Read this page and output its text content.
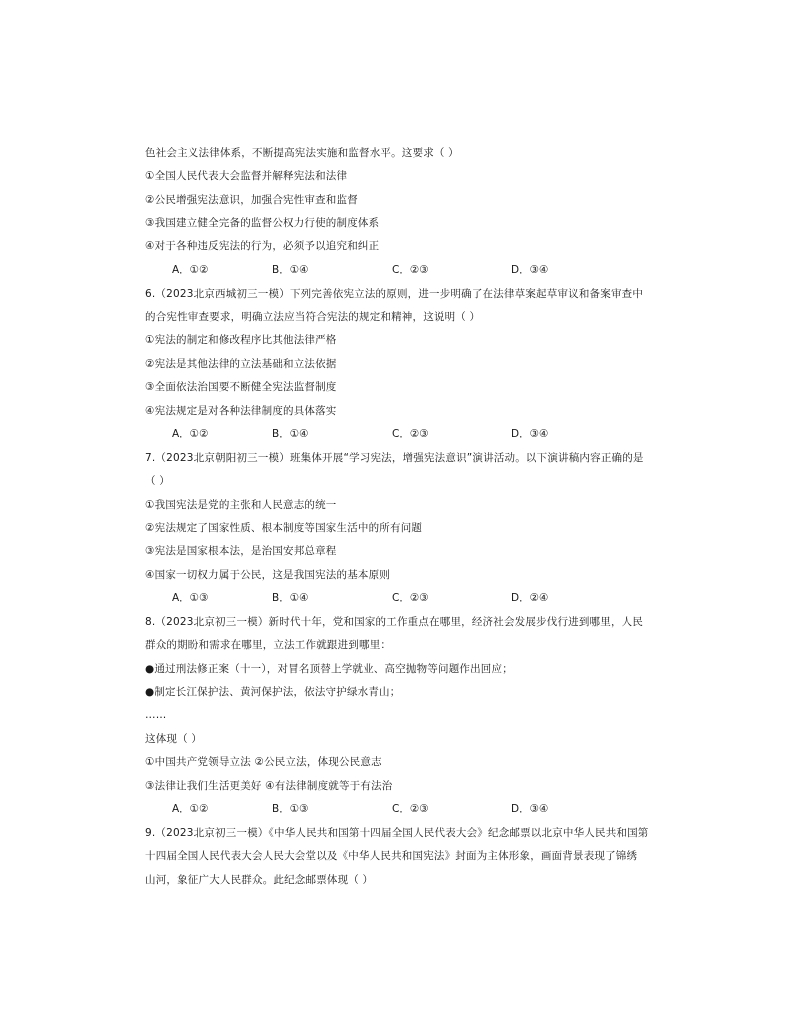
色社会主义法律体系，不断提高宪法实施和监督水平。这要求（ ）
①全国人民代表大会监督并解释宪法和法律
②公民增强宪法意识，加强合宪性审查和监督
③我国建立健全完备的监督公权力行使的制度体系
④对于各种违反宪法的行为，必须予以追究和纠正
A．①②	B．①④	C．②③	D．③④
6.（2023北京西城初三一模）下列完善依宪立法的原则，进一步明确了在法律草案起草审议和备案审查中
的合宪性审查要求，明确立法应当符合宪法的规定和精神，这说明（ ）
①宪法的制定和修改程序比其他法律严格
②宪法是其他法律的立法基础和立法依据
③全面依法治国要不断健全宪法监督制度
④宪法规定是对各种法律制度的具体落实
A．①②	B．①④	C．②③	D．③④
7.（2023北京朝阳初三一模）班集体开展“学习宪法，增强宪法意识”演讲活动。以下演讲稿内容正确的是
（ ）
①我国宪法是党的主张和人民意志的统一
②宪法规定了国家性质、根本制度等国家生活中的所有问题
③宪法是国家根本法，是治国安邦总章程
④国家一切权力属于公民，这是我国宪法的基本原则
A．①③	B．①④	C．②③	D．②④
8.（2023北京初三一模）新时代十年，党和国家的工作重点在哪里，经济社会发展步伐行进到哪里，人民
群众的期盼和需求在哪里，立法工作就跟进到哪里：
●通过刑法修正案（十一），对冒名顶替上学就业、高空抛物等问题作出回应；
●制定长江保护法、黄河保护法，依法守护绿水青山；
……
这体现（ ）
①中国共产党领导立法 ②公民立法，体现公民意志
③法律让我们生活更美好 ④有法律制度就等于有法治
A．①②	B．①③	C．②③	D．③④
9.（2023北京初三一模）《中华人民共和国第十四届全国人民代表大会》纪念邮票以北京中华人民共和国第
十四届全国人民代表大会人民大会堂以及《中华人民共和国宪法》封面为主体形象，画面背景表现了锦绣
山河，象征广大人民群众。此纪念邮票体现（ ）
